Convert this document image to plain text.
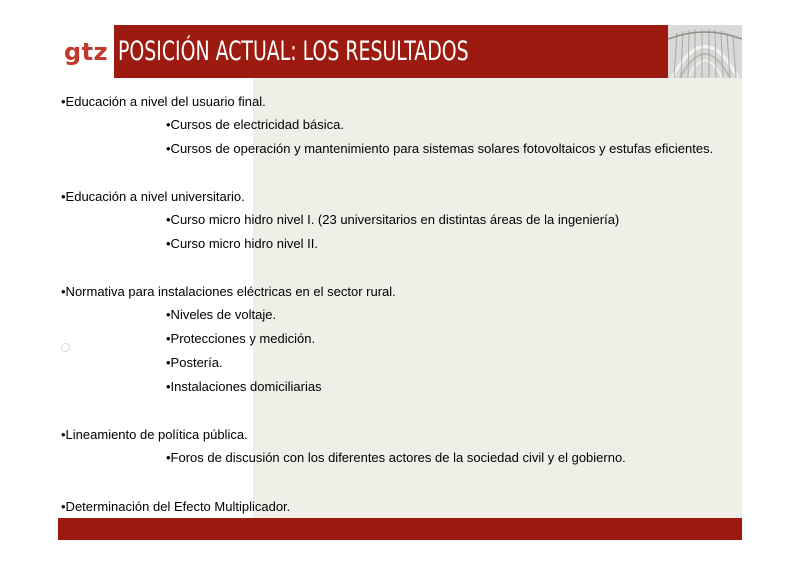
gtz POSICIÓN ACTUAL: LOS RESULTADOS
•Educación a nivel del usuario final.
•Cursos de electricidad básica.
•Cursos de operación y mantenimiento para sistemas solares fotovoltaicos y estufas eficientes.
•Educación a nivel universitario.
•Curso micro hidro nivel I. (23 universitarios en distintas áreas de la ingeniería)
•Curso micro hidro nivel II.
•Normativa para instalaciones eléctricas en el sector rural.
•Niveles de voltaje.
•Protecciones y medición.
•Postería.
•Instalaciones domiciliarias
•Lineamiento de política pública.
•Foros de discusión con los diferentes actores de la sociedad civil y el gobierno.
•Determinación del Efecto Multiplicador.
